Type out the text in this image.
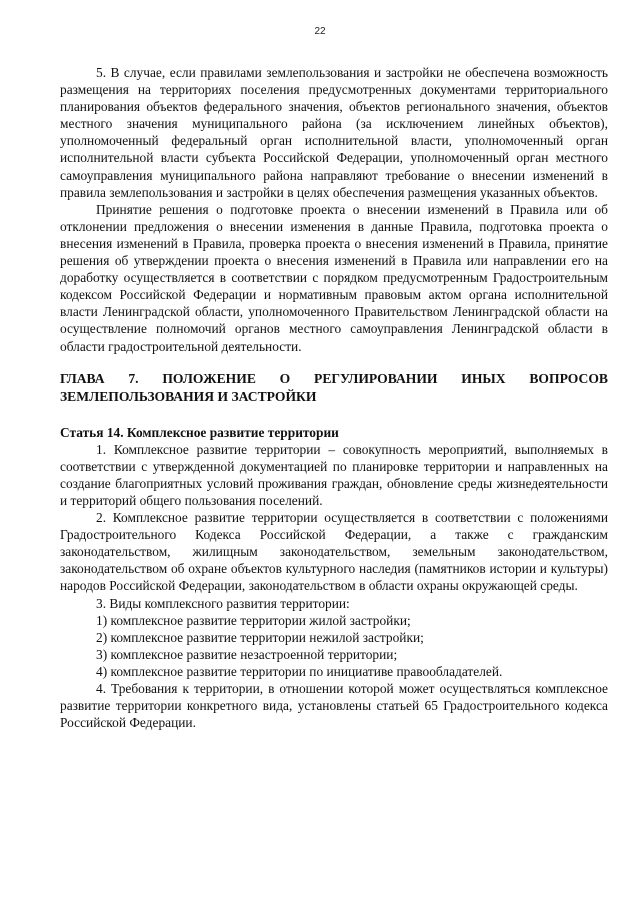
22

5. В случае, если правилами землепользования и застройки не обеспечена возможность размещения на территориях поселения предусмотренных документами территориального планирования объектов федерального значения, объектов регионального значения, объектов местного значения муниципального района (за исключением линейных объектов), уполномоченный федеральный орган исполнительной власти, уполномоченный орган исполнительной власти субъекта Российской Федерации, уполномоченный орган местного самоуправления муниципального района направляют требование о внесении изменений в правила землепользования и застройки в целях обеспечения размещения указанных объектов.

Принятие решения о подготовке проекта о внесении изменений в Правила или об отклонении предложения о внесении изменения в данные Правила, подготовка проекта о внесения изменений в Правила, проверка проекта о внесения изменений в Правила, принятие решения об утверждении проекта о внесения изменений в Правила или направлении его на доработку осуществляется в соответствии с порядком предусмотренным Градостроительным кодексом Российской Федерации и нормативным правовым актом органа исполнительной власти Ленинградской области, уполномоченного Правительством Ленинградской области на осуществление полномочий органов местного самоуправления Ленинградской области в области градостроительной деятельности.

ГЛАВА 7. ПОЛОЖЕНИЕ О РЕГУЛИРОВАНИИ ИНЫХ ВОПРОСОВ ЗЕМЛЕПОЛЬЗОВАНИЯ И ЗАСТРОЙКИ

Статья 14. Комплексное развитие территории

1. Комплексное развитие территории – совокупность мероприятий, выполняемых в соответствии с утвержденной документацией по планировке территории и направленных на создание благоприятных условий проживания граждан, обновление среды жизнедеятельности и территорий общего пользования поселений.

2. Комплексное развитие территории осуществляется в соответствии с положениями Градостроительного Кодекса Российской Федерации, а также с гражданским законодательством, жилищным законодательством, земельным законодательством, законодательством об охране объектов культурного наследия (памятников истории и культуры) народов Российской Федерации, законодательством в области охраны окружающей среды.

3. Виды комплексного развития территории:

1) комплексное развитие территории жилой застройки;

2) комплексное развитие территории нежилой застройки;

3) комплексное развитие незастроенной территории;

4) комплексное развитие территории по инициативе правообладателей.

4. Требования к территории, в отношении которой может осуществляться комплексное развитие территории конкретного вида, установлены статьей 65 Градостроительного кодекса Российской Федерации.
